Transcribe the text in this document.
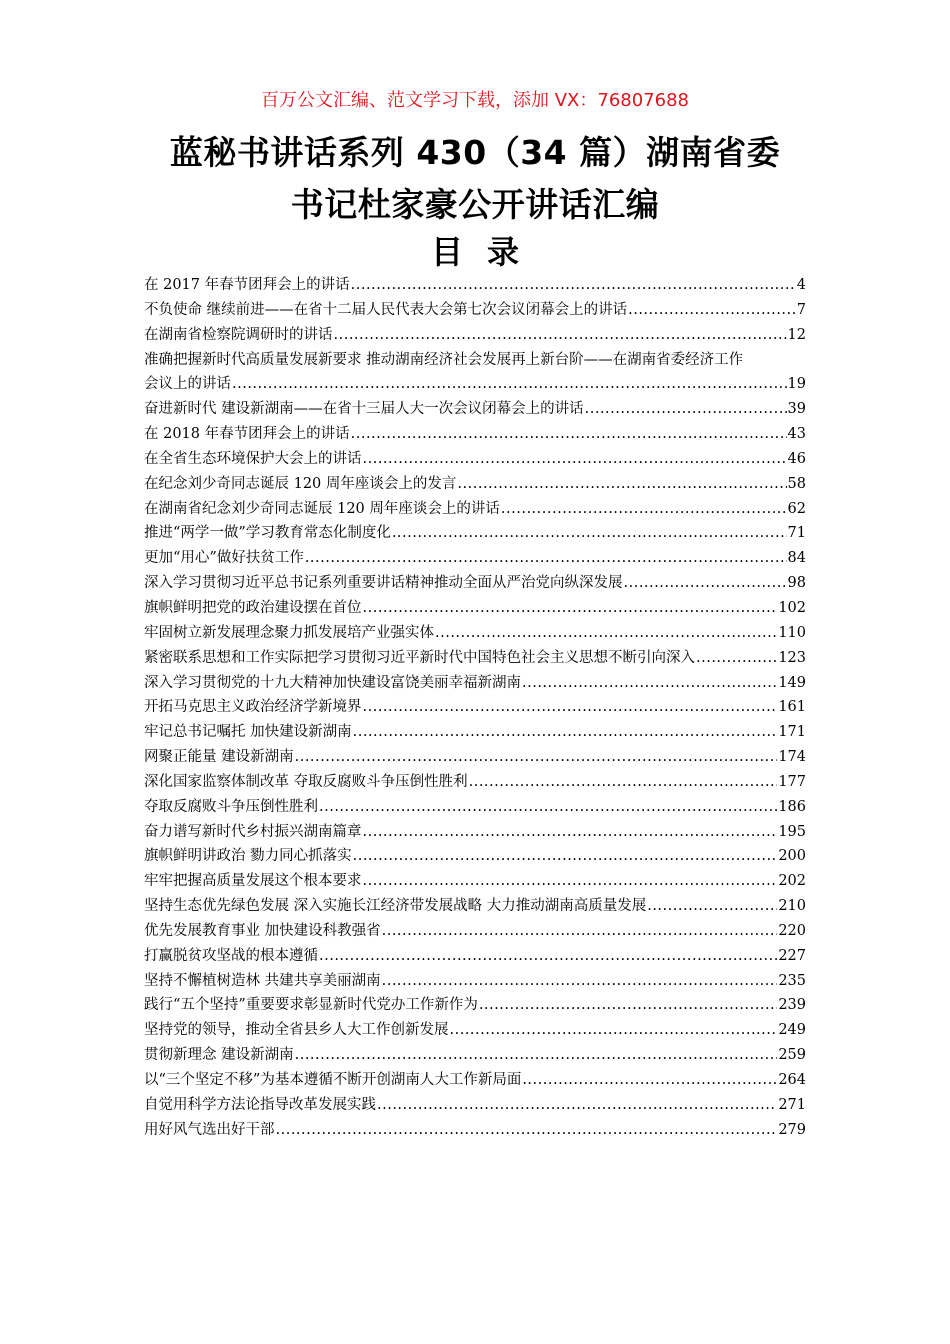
百万公文汇编、范文学习下载，添加 VX：76807688
蓝秘书讲话系列 430（34 篇）湖南省委
书记杜家豪公开讲话汇编
目录
在 2017 年春节团拜会上的讲话 .....	4
不负使命 继续前进——在省十二届人民代表大会第七次会议闭幕会上的讲话 .....	7
在湖南省检察院调研时的讲话 .....	12
准确把握新时代高质量发展新要求 推动湖南经济社会发展再上新台阶——在湖南省委经济工作
会议上的讲话 .....	19
奋进新时代 建设新湖南——在省十三届人大一次会议闭幕会上的讲话 .....	39
在 2018 年春节团拜会上的讲话 .....	43
在全省生态环境保护大会上的讲话 .....	46
在纪念刘少奇同志诞辰 120 周年座谈会上的发言 .....	58
在湖南省纪念刘少奇同志诞辰 120 周年座谈会上的讲话 .....	62
推进“两学一做”学习教育常态化制度化 .....	71
更加“用心”做好扶贫工作 .....	84
深入学习贯彻习近平总书记系列重要讲话精神推动全面从严治党向纵深发展 .....	98
旗帜鲜明把党的政治建设摆在首位 .....	102
牢固树立新发展理念聚力抓发展培产业强实体 .....	110
紧密联系思想和工作实际把学习贯彻习近平新时代中国特色社会主义思想不断引向深入 .....	123
深入学习贯彻党的十九大精神加快建设富饶美丽幸福新湖南 .....	149
开拓马克思主义政治经济学新境界 .....	161
牢记总书记嘱托 加快建设新湖南 .....	171
网聚正能量 建设新湖南 .....	174
深化国家监察体制改革 夺取反腐败斗争压倒性胜利 .....	177
夺取反腐败斗争压倒性胜利 .....	186
奋力谱写新时代乡村振兴湖南篇章 .....	195
旗帜鲜明讲政治 勠力同心抓落实 .....	200
牢牢把握高质量发展这个根本要求 .....	202
坚持生态优先绿色发展 深入实施长江经济带发展战略 大力推动湖南高质量发展 .....	210
优先发展教育事业 加快建设科教强省 .....	220
打赢脱贫攻坚战的根本遵循 .....	227
坚持不懈植树造林 共建共享美丽湖南 .....	235
践行“五个坚持”重要要求彰显新时代党办工作新作为 .....	239
坚持党的领导，推动全省县乡人大工作创新发展 .....	249
贯彻新理念 建设新湖南 .....	259
以“三个坚定不移”为基本遵循不断开创湖南人大工作新局面 .....	264
自觉用科学方法论指导改革发展实践 .....	271
用好风气选出好干部 .....	279
